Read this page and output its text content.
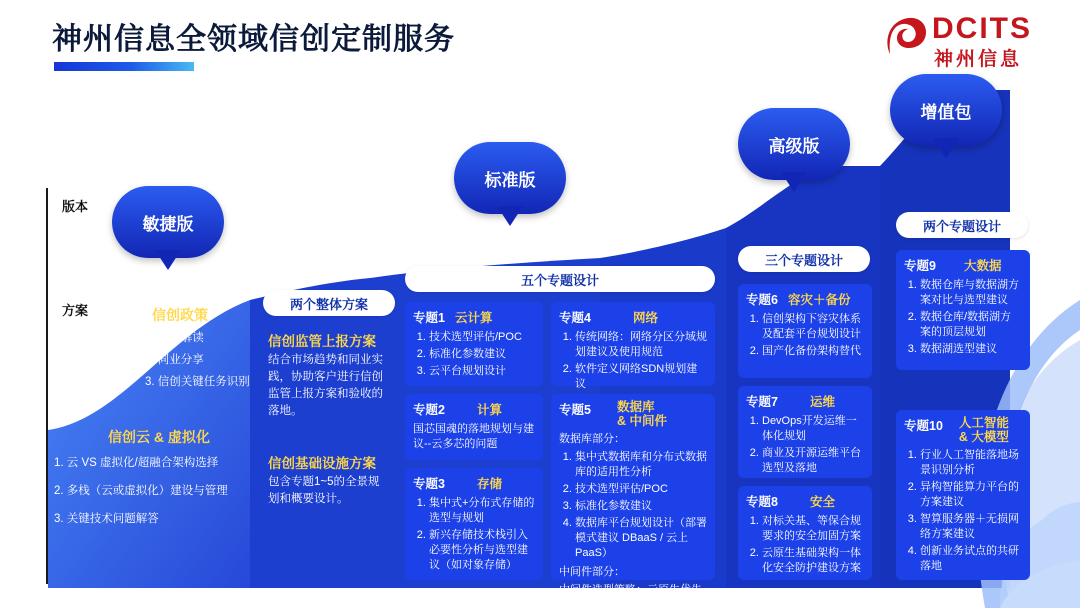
神州信息全领域信创定制服务	DCITS
神州信息
版本
方案	信创政策
1. 政策解读
2. 同业分享
3. 信创关键任务识别
信创云 & 虚拟化
1. 云 VS 虚拟化/超融合架构选择
2. 多栈（云或虚拟化）建设与管理
3. 关键技术问题解答
两个整体方案
信创监管上报方案
结合市场趋势和同业实践，协助客户进行信创监管上报方案和验收的落地。
信创基础设施方案
包含专题1~5的全景规划和概要设计。
五个专题设计
专题1 云计算
1. 技术选型评估/POC
2. 标准化参数建议
3. 云平台规划设计
专题2	计算

国芯国魂的落地规划与建议--云多芯的问题

专题3	存储
1. 集中式+分布式存储的选型与规划
2. 新兴存储技术栈引入必要性分析与选型建议（如对象存储）
专题4	网络
1. 传统网络：网络分区分域规划建议及使用规范
2. 软件定义网络SDN规划建议
专题5 数据库
& 中间件

数据库部分：

1. 集中式数据库和分布式数据库的适用性分析
2. 技术选型评估/POC
3. 标准化参数建议
4. 数据库平台规划设计（部署模式建议 DBaaS / 云上PaaS）

中间件部分：

中间件选型策略：云原生优先+传统信创中间件+开源管理

三个专题设计
专题6 容灾＋备份
1. 信创架构下容灾体系及配套平台规划设计
2. 国产化备份架构替代
专题7	运维
1. DevOps开发运维一体化规划
2. 商业及开源运维平台选型及落地
专题8	安全
1. 对标关基、等保合规要求的安全加固方案
2. 云原生基础架构一体化安全防护建设方案
两个专题设计
专题9 大数据
1. 数据仓库与数据湖方案对比与选型建议
2. 数据仓库/数据湖方案的顶层规划
3. 数据湖选型建议
专题10 人工智能
& 大模型
1. 行业人工智能落地场景识别分析
2. 异构智能算力平台的方案建议
3. 智算服务器＋无损网络方案建议
4. 创新业务试点的共研落地
敏捷版
标准版
高级版
增值包
